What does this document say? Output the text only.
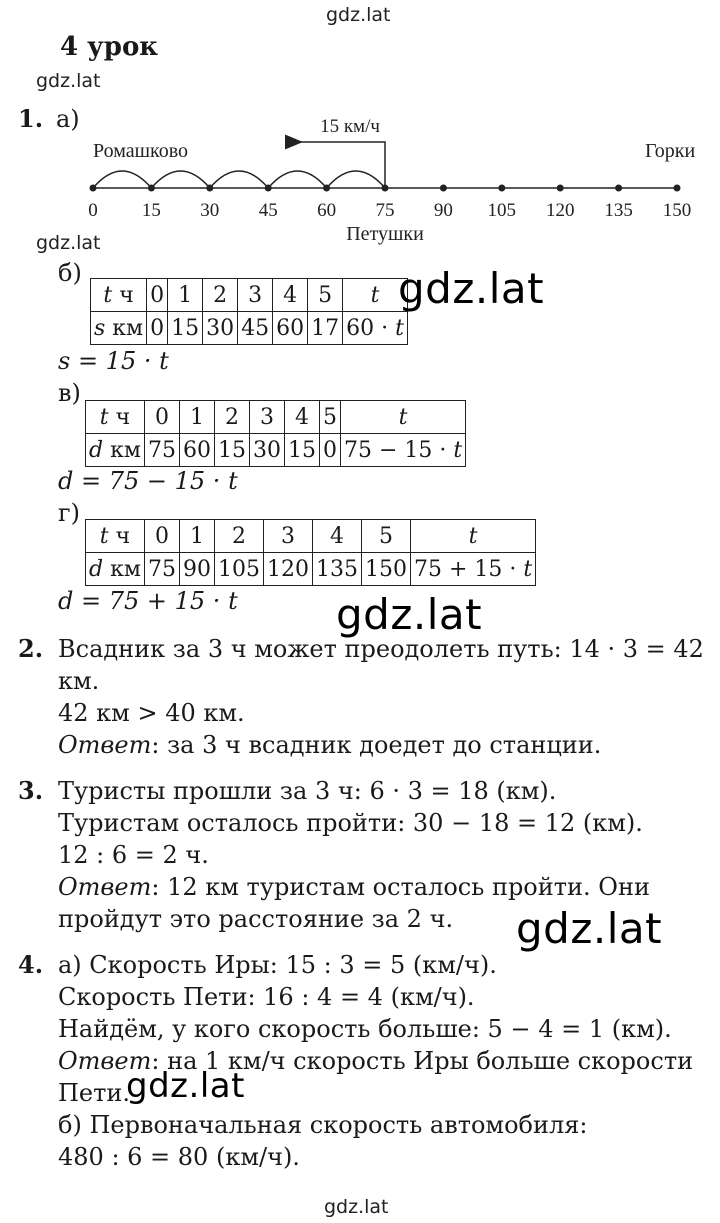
gdz.lat
gdz.lat
gdz.lat
gdz.lat
4 урок
1. а)
0 15 30 45 60 75 90 105 120 135 150
15 км/ч
Ромашково	Горки
Петушки
б)
t ч	0	1	2	3	4	5	t
s км	0	15	30	45	60	17	60 · t
gdz.lat
s = 15 · t
в)
t ч	0	1	2	3	4	5	t
d км	75	60	15	30	15	0	75 − 15 · t
d = 75 − 15 · t
г)
t ч	0	1	2	3	4	5	t
d км	75	90	105	120	135	150	75 + 15 · t
d = 75 + 15 · t gdz.lat
2. Всадник за 3 ч может преодолеть путь: 14 · 3 = 42
км.
42 км > 40 км.
Ответ: за 3 ч всадник доедет до станции.
3. Туристы прошли за 3 ч: 6 · 3 = 18 (км).
Туристам осталось пройти: 30 − 18 = 12 (км).
12 : 6 = 2 ч.
Ответ: 12 км туристам осталось пройти. Они
пройдут это расстояние за 2 ч. gdz.lat
4. а) Скорость Иры: 15 : 3 = 5 (км/ч).
Скорость Пети: 16 : 4 = 4 (км/ч).
Найдём, у кого скорость больше: 5 − 4 = 1 (км).
Ответ: на 1 км/ч скорость Иры больше скорости
Пети.
gdz.lat
б) Первоначальная скорость автомобиля:
480 : 6 = 80 (км/ч).
